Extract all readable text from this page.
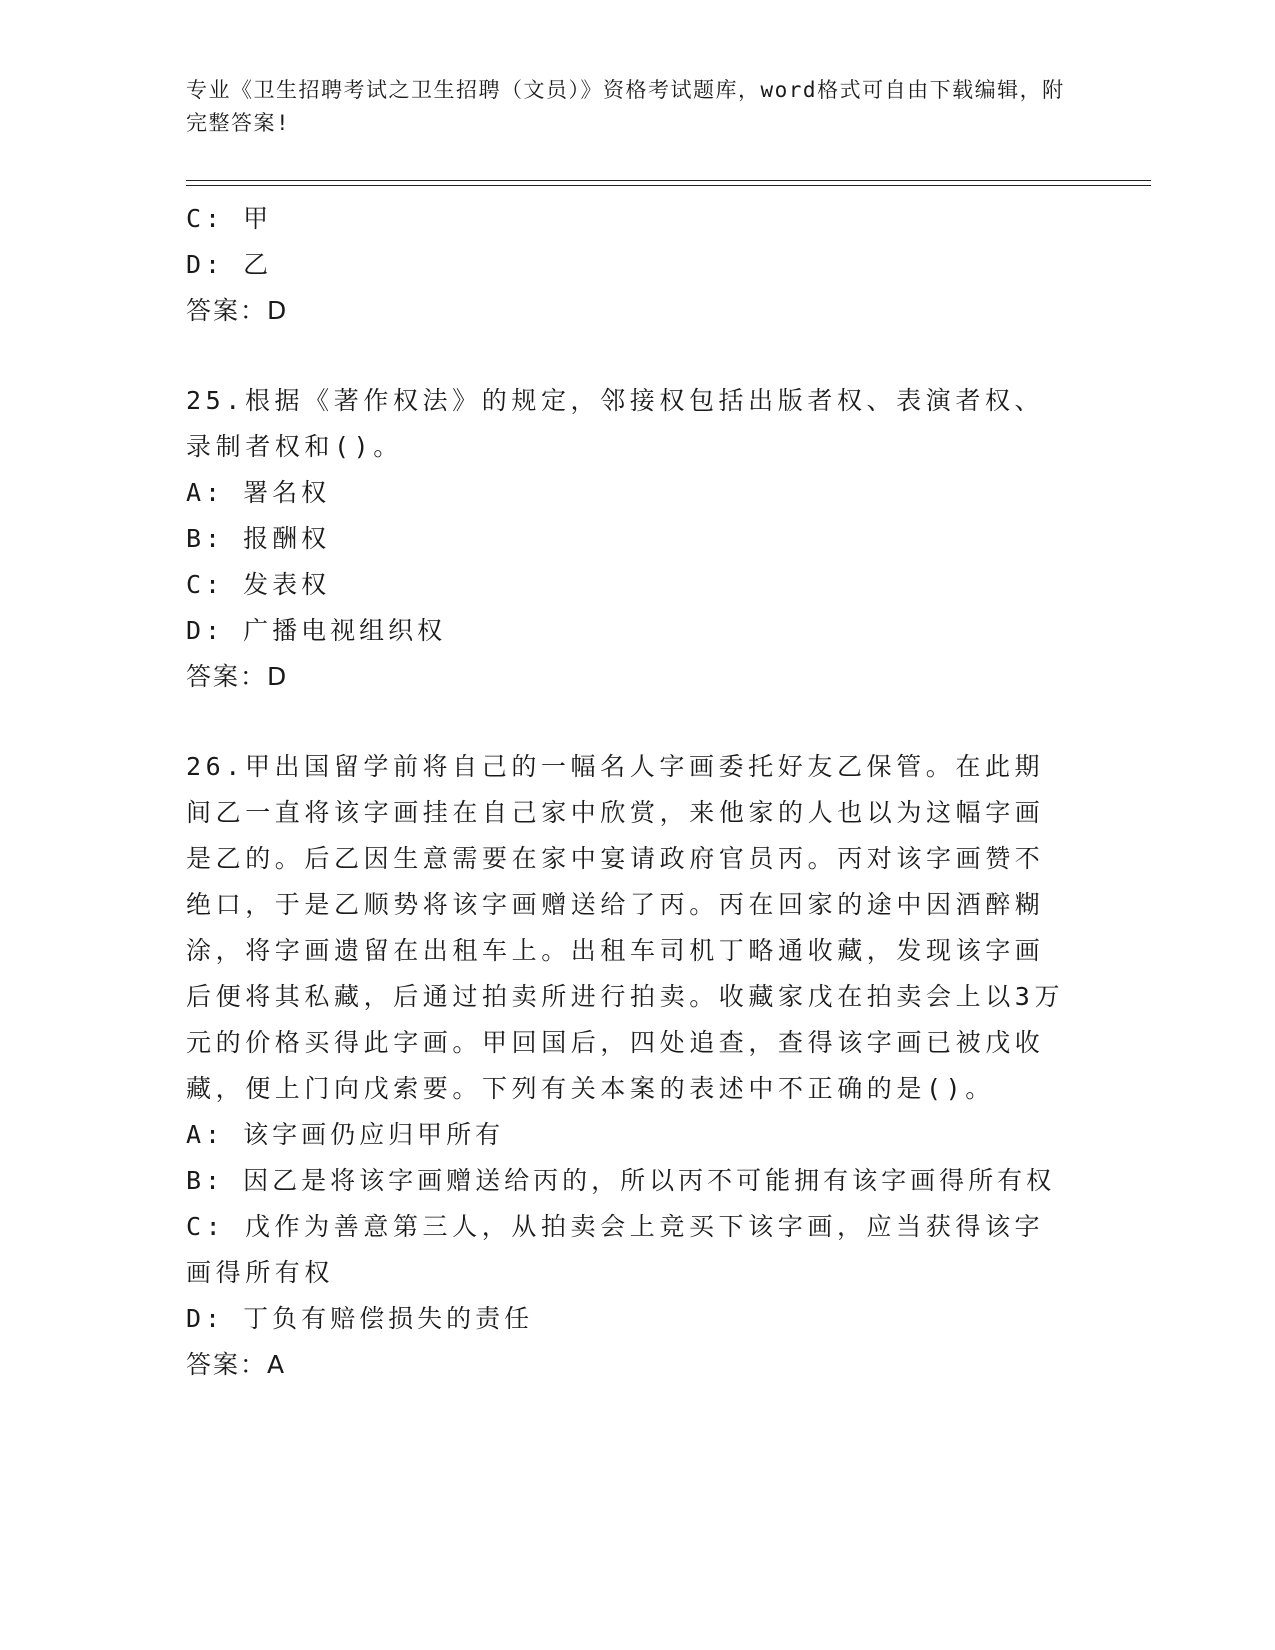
专业《卫生招聘考试之卫生招聘（文员）》资格考试题库，word格式可自由下载编辑，附完整答案!
C: 甲
D: 乙
答案：D
25.根据《著作权法》的规定，邻接权包括出版者权、表演者权、录制者权和()。
A: 署名权
B: 报酬权
C: 发表权
D: 广播电视组织权
答案：D
26.甲出国留学前将自己的一幅名人字画委托好友乙保管。在此期间乙一直将该字画挂在自己家中欣赏，来他家的人也以为这幅字画是乙的。后乙因生意需要在家中宴请政府官员丙。丙对该字画赞不绝口，于是乙顺势将该字画赠送给了丙。丙在回家的途中因酒醉糊涂，将字画遗留在出租车上。出租车司机丁略通收藏，发现该字画后便将其私藏，后通过拍卖所进行拍卖。收藏家戊在拍卖会上以3万元的价格买得此字画。甲回国后，四处追查，查得该字画已被戊收藏，便上门向戊索要。下列有关本案的表述中不正确的是()。
A: 该字画仍应归甲所有
B: 因乙是将该字画赠送给丙的，所以丙不可能拥有该字画得所有权
C: 戊作为善意第三人，从拍卖会上竞买下该字画，应当获得该字画得所有权
D: 丁负有赔偿损失的责任
答案：A
